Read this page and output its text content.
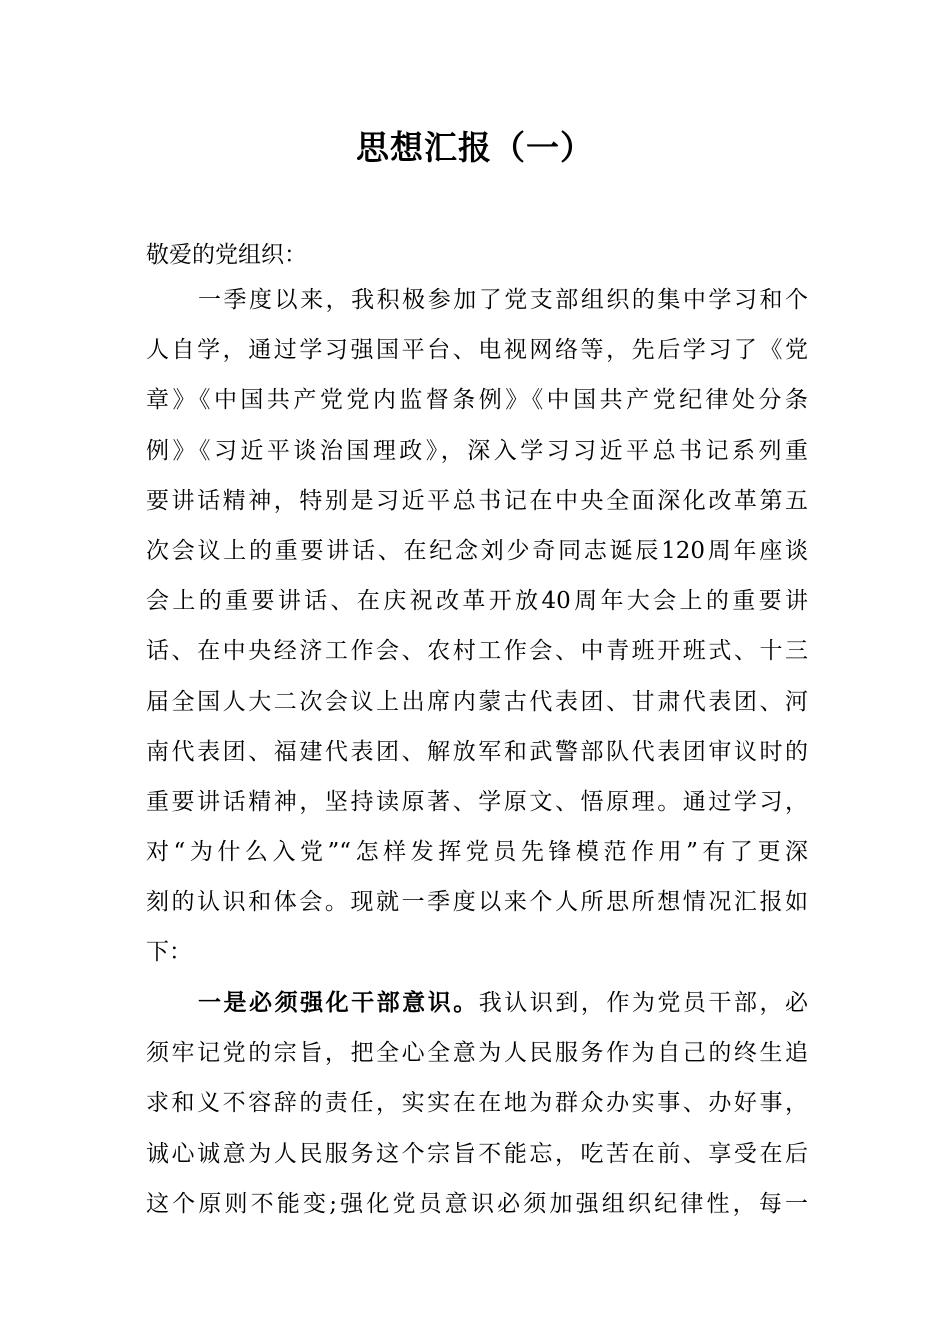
思想汇报（一）
敬爱的党组织：
一季度以来，我积极参加了党支部组织的集中学习和个
人自学，通过学习强国平台、电视网络等，先后学习了《党
章》《中国共产党党内监督条例》《中国共产党纪律处分条
例》《习近平谈治国理政》，深入学习习近平总书记系列重
要讲话精神，特别是习近平总书记在中央全面深化改革第五
次会议上的重要讲话、在纪念刘少奇同志诞辰120周年座谈
会上的重要讲话、在庆祝改革开放40周年大会上的重要讲
话、在中央经济工作会、农村工作会、中青班开班式、十三
届全国人大二次会议上出席内蒙古代表团、甘肃代表团、河
南代表团、福建代表团、解放军和武警部队代表团审议时的
重要讲话精神，坚持读原著、学原文、悟原理。通过学习，
对“为什么入党”“怎样发挥党员先锋模范作用”有了更深
刻的认识和体会。现就一季度以来个人所思所想情况汇报如
下：
一是必须强化干部意识。我认识到，作为党员干部，必
须牢记党的宗旨，把全心全意为人民服务作为自己的终生追
求和义不容辞的责任，实实在在地为群众办实事、办好事，
诚心诚意为人民服务这个宗旨不能忘，吃苦在前、享受在后
这个原则不能变;强化党员意识必须加强组织纪律性，每一
